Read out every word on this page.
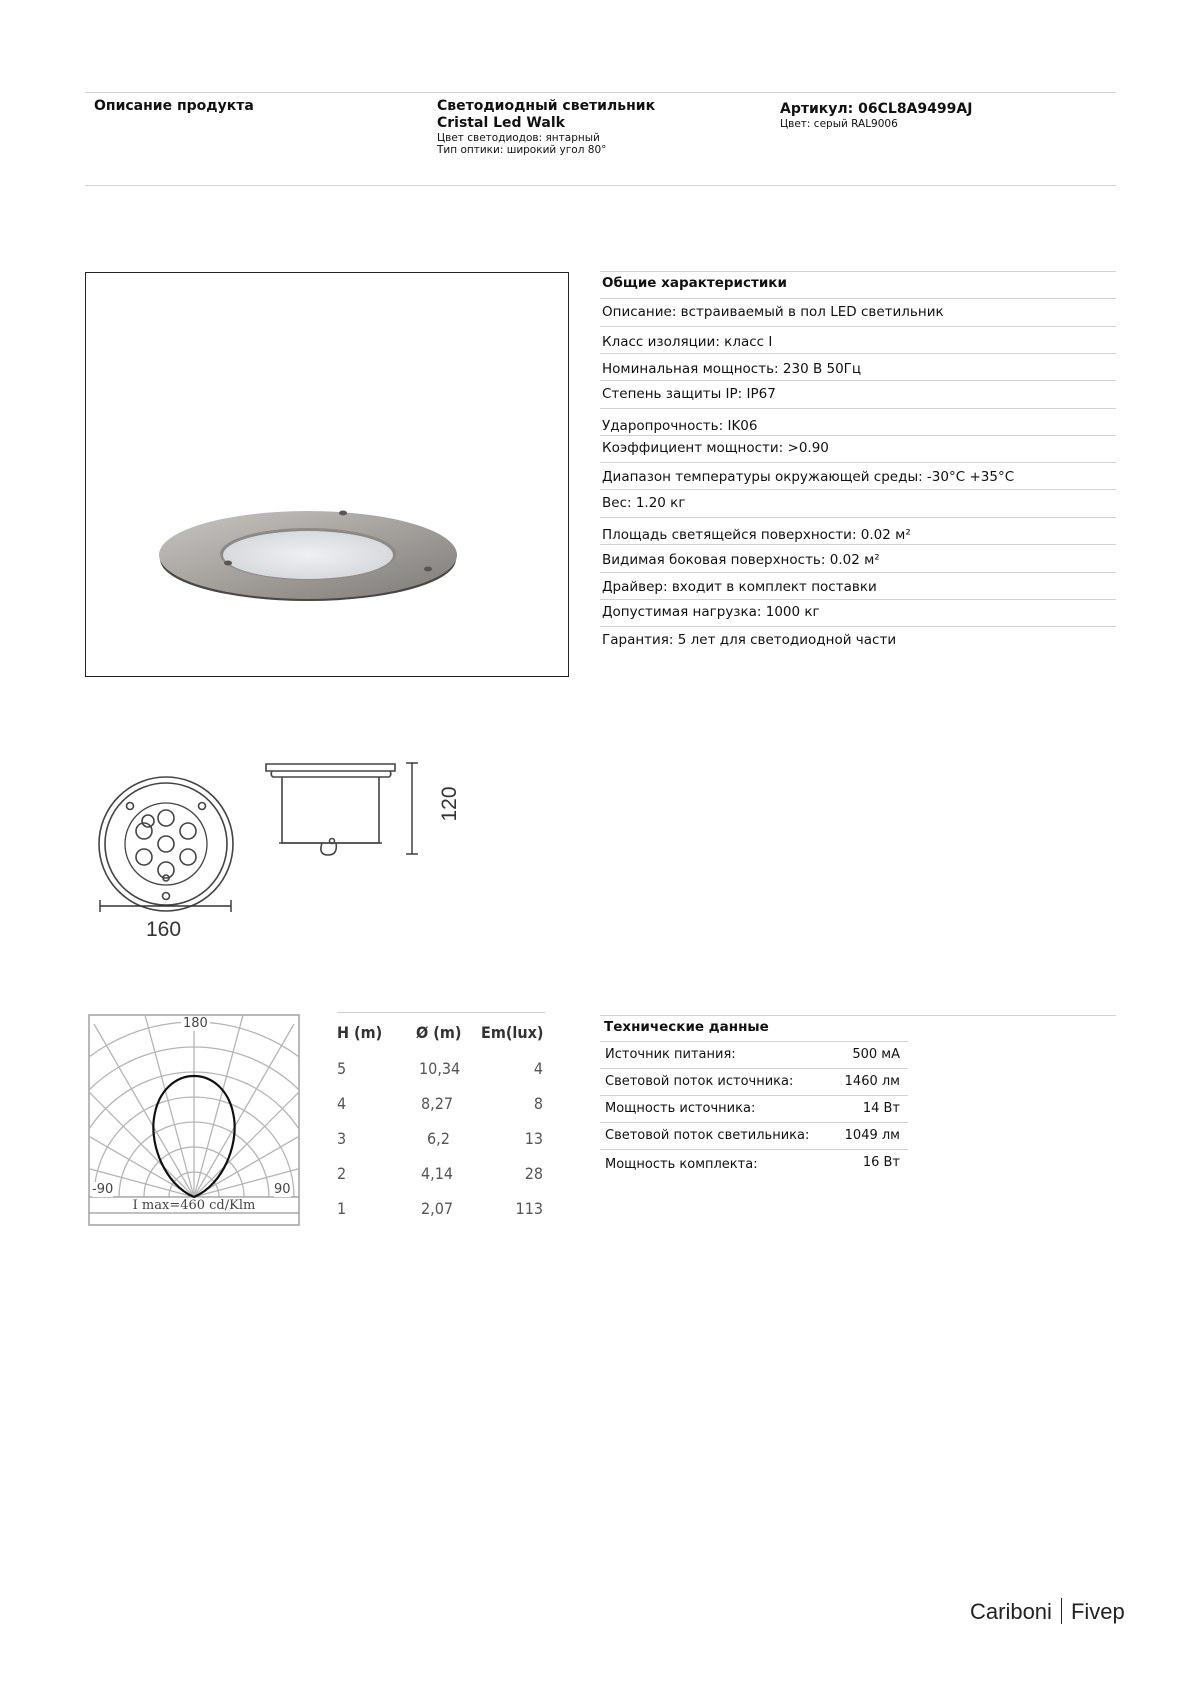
Описание продукта	Светодиодный светильник
Cristal Led Walk
Цвет светодиодов: янтарный
Тип оптики: широкий угол 80°
Артикул: 06CL8A9499AJ
Цвет: серый RAL9006
Общие характеристики
Описание: встраиваемый в пол LED светильник
Класс изоляции: класс I
Номинальная мощность: 230 В 50Гц
Степень защиты IP: IP67
Ударопрочность: IK06
Коэффициент мощности: >0.90
Диапазон температуры окружающей среды: -30°C +35°C
Вес: 1.20 кг
Площадь светящейся поверхности: 0.02 м²
Видимая боковая поверхность: 0.02 м²
Драйвер: входит в комплект поставки
Допустимая нагрузка: 1000 кг
Гарантия: 5 лет для светодиодной части
160
120
180
-90	90
I max=460 cd/Klm
H (m) Ø (m) Em(lux)
5	10,34	4
4	8,27	8
3	6,2	13
2	4,14	28
1	2,07	113
Технические данные
Источник питания:	500 мА
Световой поток источника:	1460 лм
Мощность источника:	14 Вт
Световой поток светильника:	1049 лм
Мощность комплекта:	16 Вт
Cariboni Fivep
